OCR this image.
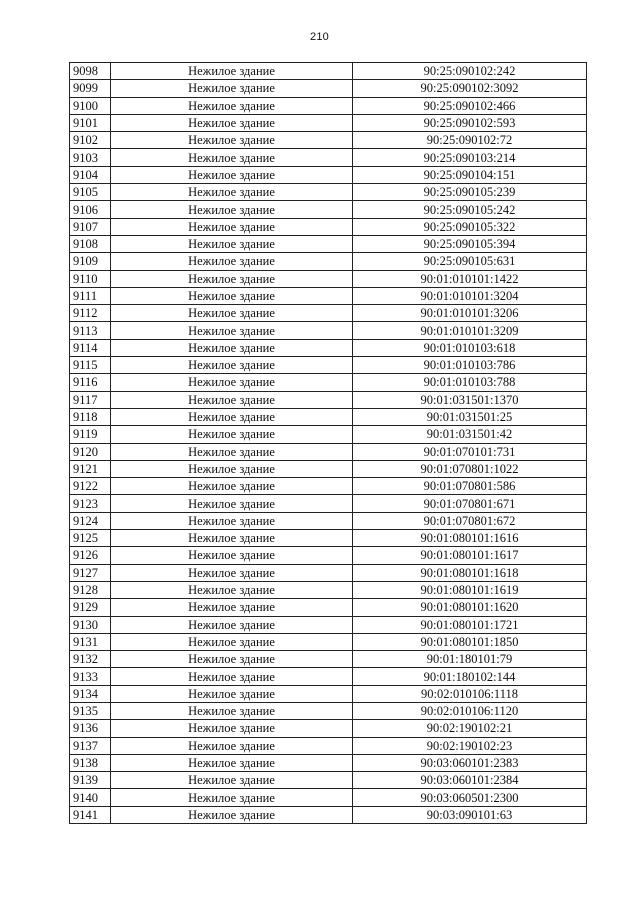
210
9098	Нежилое здание	90:25:090102:242
9099	Нежилое здание	90:25:090102:3092
9100	Нежилое здание	90:25:090102:466
9101	Нежилое здание	90:25:090102:593
9102	Нежилое здание	90:25:090102:72
9103	Нежилое здание	90:25:090103:214
9104	Нежилое здание	90:25:090104:151
9105	Нежилое здание	90:25:090105:239
9106	Нежилое здание	90:25:090105:242
9107	Нежилое здание	90:25:090105:322
9108	Нежилое здание	90:25:090105:394
9109	Нежилое здание	90:25:090105:631
9110	Нежилое здание	90:01:010101:1422
9111	Нежилое здание	90:01:010101:3204
9112	Нежилое здание	90:01:010101:3206
9113	Нежилое здание	90:01:010101:3209
9114	Нежилое здание	90:01:010103:618
9115	Нежилое здание	90:01:010103:786
9116	Нежилое здание	90:01:010103:788
9117	Нежилое здание	90:01:031501:1370
9118	Нежилое здание	90:01:031501:25
9119	Нежилое здание	90:01:031501:42
9120	Нежилое здание	90:01:070101:731
9121	Нежилое здание	90:01:070801:1022
9122	Нежилое здание	90:01:070801:586
9123	Нежилое здание	90:01:070801:671
9124	Нежилое здание	90:01:070801:672
9125	Нежилое здание	90:01:080101:1616
9126	Нежилое здание	90:01:080101:1617
9127	Нежилое здание	90:01:080101:1618
9128	Нежилое здание	90:01:080101:1619
9129	Нежилое здание	90:01:080101:1620
9130	Нежилое здание	90:01:080101:1721
9131	Нежилое здание	90:01:080101:1850
9132	Нежилое здание	90:01:180101:79
9133	Нежилое здание	90:01:180102:144
9134	Нежилое здание	90:02:010106:1118
9135	Нежилое здание	90:02:010106:1120
9136	Нежилое здание	90:02:190102:21
9137	Нежилое здание	90:02:190102:23
9138	Нежилое здание	90:03:060101:2383
9139	Нежилое здание	90:03:060101:2384
9140	Нежилое здание	90:03:060501:2300
9141	Нежилое здание	90:03:090101:63
